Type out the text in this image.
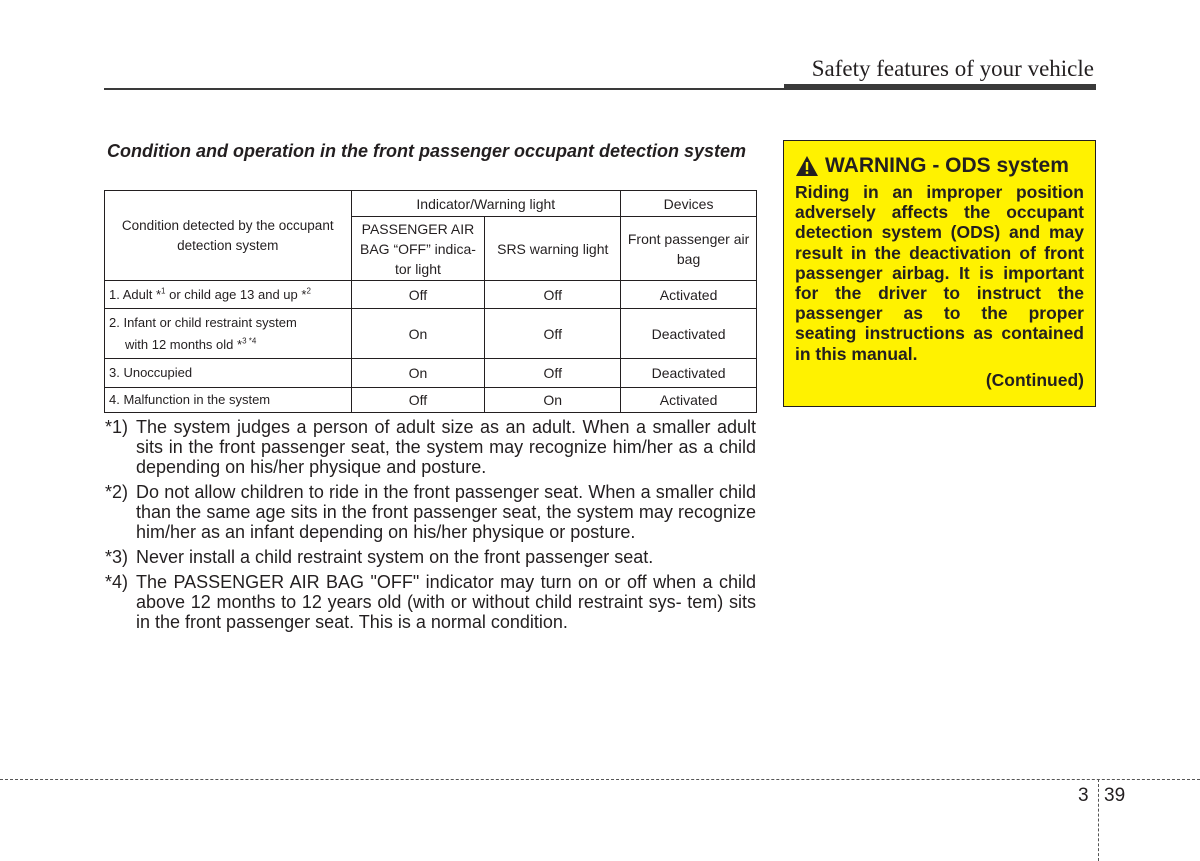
Safety features of your vehicle
Condition and operation in the front passenger occupant detection system
Condition detected by the occupant detection system	Indicator/Warning light		Devices
	PASSENGER AIR BAG “OFF” indica- tor light	SRS warning light	Front passenger air bag
1. Adult *$^1$ or child age 13 and up *$^2$	Off	Off	Activated

2. Infant or child restraint system
with 12 months old *$^3$ $^{*4}$	On	Off	Deactivated
3. Unoccupied	On	Off	Deactivated
4. Malfunction in the system	Off	On	Activated
*1) The system judges a person of adult size as an adult. When a smaller adult sits in the front passenger seat, the system may recognize him/her as a child depending on his/her physique and posture.
*2) Do not allow children to ride in the front passenger seat. When a smaller child than the same age sits in the front passenger seat, the system may recognize him/her as an infant depending on his/her physique or posture.
*3) Never install a child restraint system on the front passenger seat.
*4) The PASSENGER AIR BAG "OFF" indicator may turn on or off when a child above 12 months to 12 years old (with or without child restraint sys- tem) sits in the front passenger seat. This is a normal condition.
WARNING - ODS system
Riding in an improper position adversely affects the occupant detection system (ODS) and may result in the deactivation of front passenger airbag. It is important for the driver to instruct the passenger as to the proper seating instructions as contained in this manual.
(Continued)
3 39
